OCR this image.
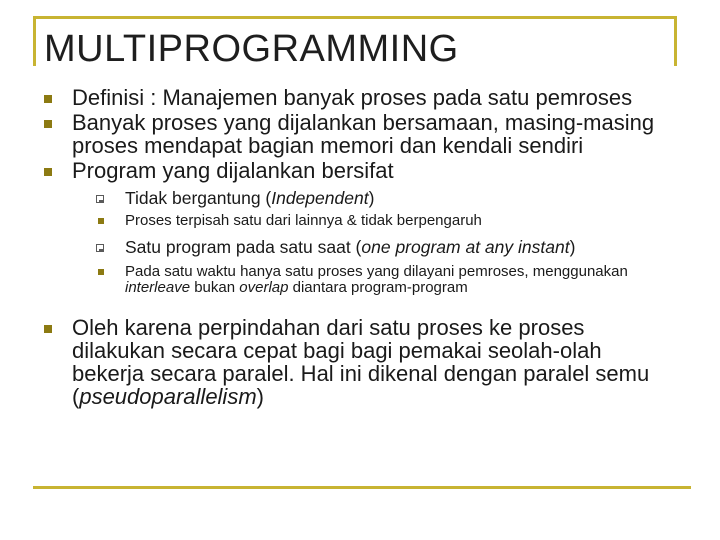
MULTIPROGRAMMING
Definisi : Manajemen banyak proses pada satu pemroses
Banyak proses yang dijalankan bersamaan, masing-masing proses mendapat bagian memori dan kendali sendiri
Program yang dijalankan bersifat
Tidak bergantung (Independent)
Proses terpisah satu dari lainnya & tidak berpengaruh
Satu program pada satu saat (one program at any instant)
Pada satu waktu hanya satu proses yang dilayani pemroses, menggunakan interleave bukan overlap diantara program-program
Oleh karena perpindahan dari satu proses ke proses dilakukan secara cepat bagi bagi pemakai seolah-olah bekerja secara paralel. Hal ini dikenal dengan paralel semu (pseudoparallelism)
